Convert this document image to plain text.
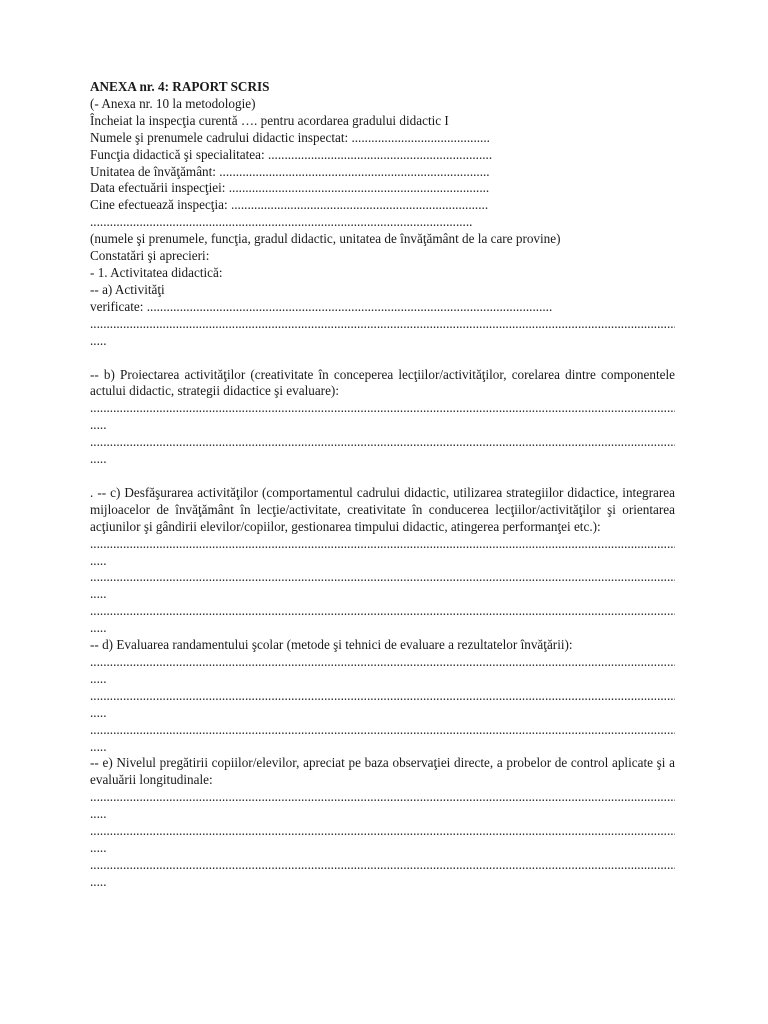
ANEXA nr. 4: RAPORT SCRIS
(- Anexa nr. 10 la metodologie)
Încheiat la inspecţia curentă …. pentru acordarea gradului didactic I
Numele şi prenumele cadrului didactic inspectat: ..........................................
Funcţia didactică şi specialitatea: ....................................................................
Unitatea de învăţământ: ..................................................................................
Data efectuării inspecţiei: ...............................................................................
Cine efectuează inspecţia: ..............................................................................
....................................................................................................................
(numele şi prenumele, funcţia, gradul didactic, unitatea de învăţământ de la care provine)
Constatări şi aprecieri:
- 1. Activitatea didactică:
-- a) Activităţi
verificate: ...........................................................................................................................
.....
.....
-- b) Proiectarea activităţilor (creativitate în conceperea lecţiilor/activităţilor, corelarea dintre componentele actului didactic, strategii didactice şi evaluare):
.....
.....
.....
.....
. -- c) Desfăşurarea activităţilor (comportamentul cadrului didactic, utilizarea strategiilor didactice, integrarea mijloacelor de învăţământ în lecţie/activitate, creativitate în conducerea lecţiilor/activităţilor şi orientarea acţiunilor şi gândirii elevilor/copiilor, gestionarea timpului didactic, atingerea performanţei etc.):
.....
.....
.....
.....
.....
.....
-- d) Evaluarea randamentului şcolar (metode şi tehnici de evaluare a rezultatelor învăţării):
.....
.....
.....
.....
.....
.....
-- e) Nivelul pregătirii copiilor/elevilor, apreciat pe baza observaţiei directe, a probelor de control aplicate şi a evaluării longitudinale:
.....
.....
.....
.....
.....
.....
